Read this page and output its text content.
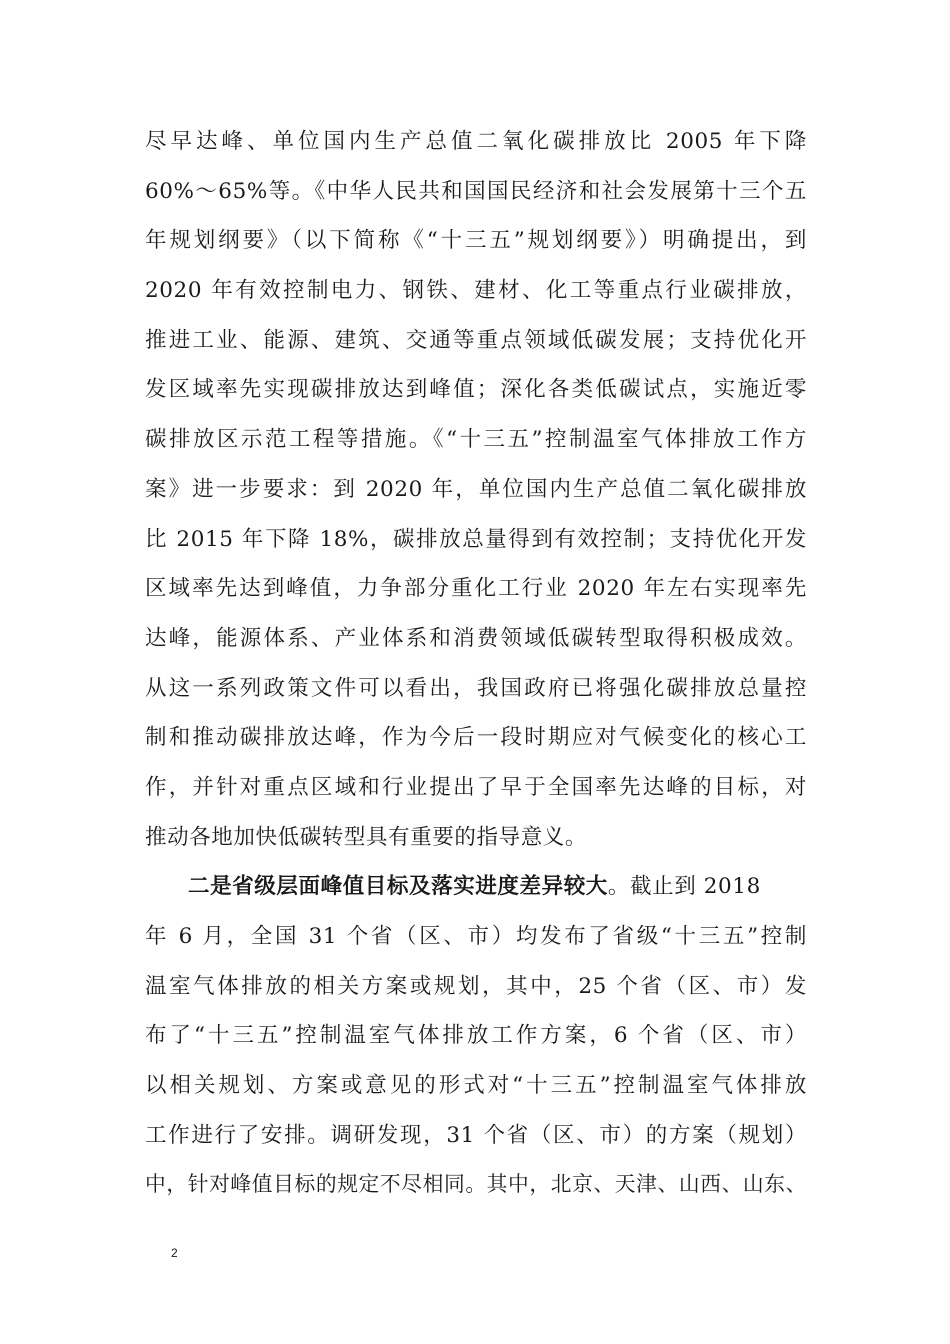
尽早达峰、单位国内生产总值二氧化碳排放比 2005 年下降
60%～65%等。《中华人民共和国国民经济和社会发展第十三个五
年规划纲要》（以下简称《“十三五”规划纲要》）明确提出，到
2020 年有效控制电力、钢铁、建材、化工等重点行业碳排放，
推进工业、能源、建筑、交通等重点领域低碳发展；支持优化开
发区域率先实现碳排放达到峰值；深化各类低碳试点，实施近零
碳排放区示范工程等措施。《“十三五”控制温室气体排放工作方
案》进一步要求：到 2020 年，单位国内生产总值二氧化碳排放
比 2015 年下降 18%，碳排放总量得到有效控制；支持优化开发
区域率先达到峰值，力争部分重化工行业 2020 年左右实现率先
达峰，能源体系、产业体系和消费领域低碳转型取得积极成效。
从这一系列政策文件可以看出，我国政府已将强化碳排放总量控
制和推动碳排放达峰，作为今后一段时期应对气候变化的核心工
作，并针对重点区域和行业提出了早于全国率先达峰的目标，对
推动各地加快低碳转型具有重要的指导意义。
二是省级层面峰值目标及落实进度差异较大。截止到 2018
年 6 月，全国 31 个省（区、市）均发布了省级“十三五”控制
温室气体排放的相关方案或规划，其中，25 个省（区、市）发
布了“十三五”控制温室气体排放工作方案，6 个省（区、市）
以相关规划、方案或意见的形式对“十三五”控制温室气体排放
工作进行了安排。调研发现，31 个省（区、市）的方案（规划）
中，针对峰值目标的规定不尽相同。其中，北京、天津、山西、山东、
2
